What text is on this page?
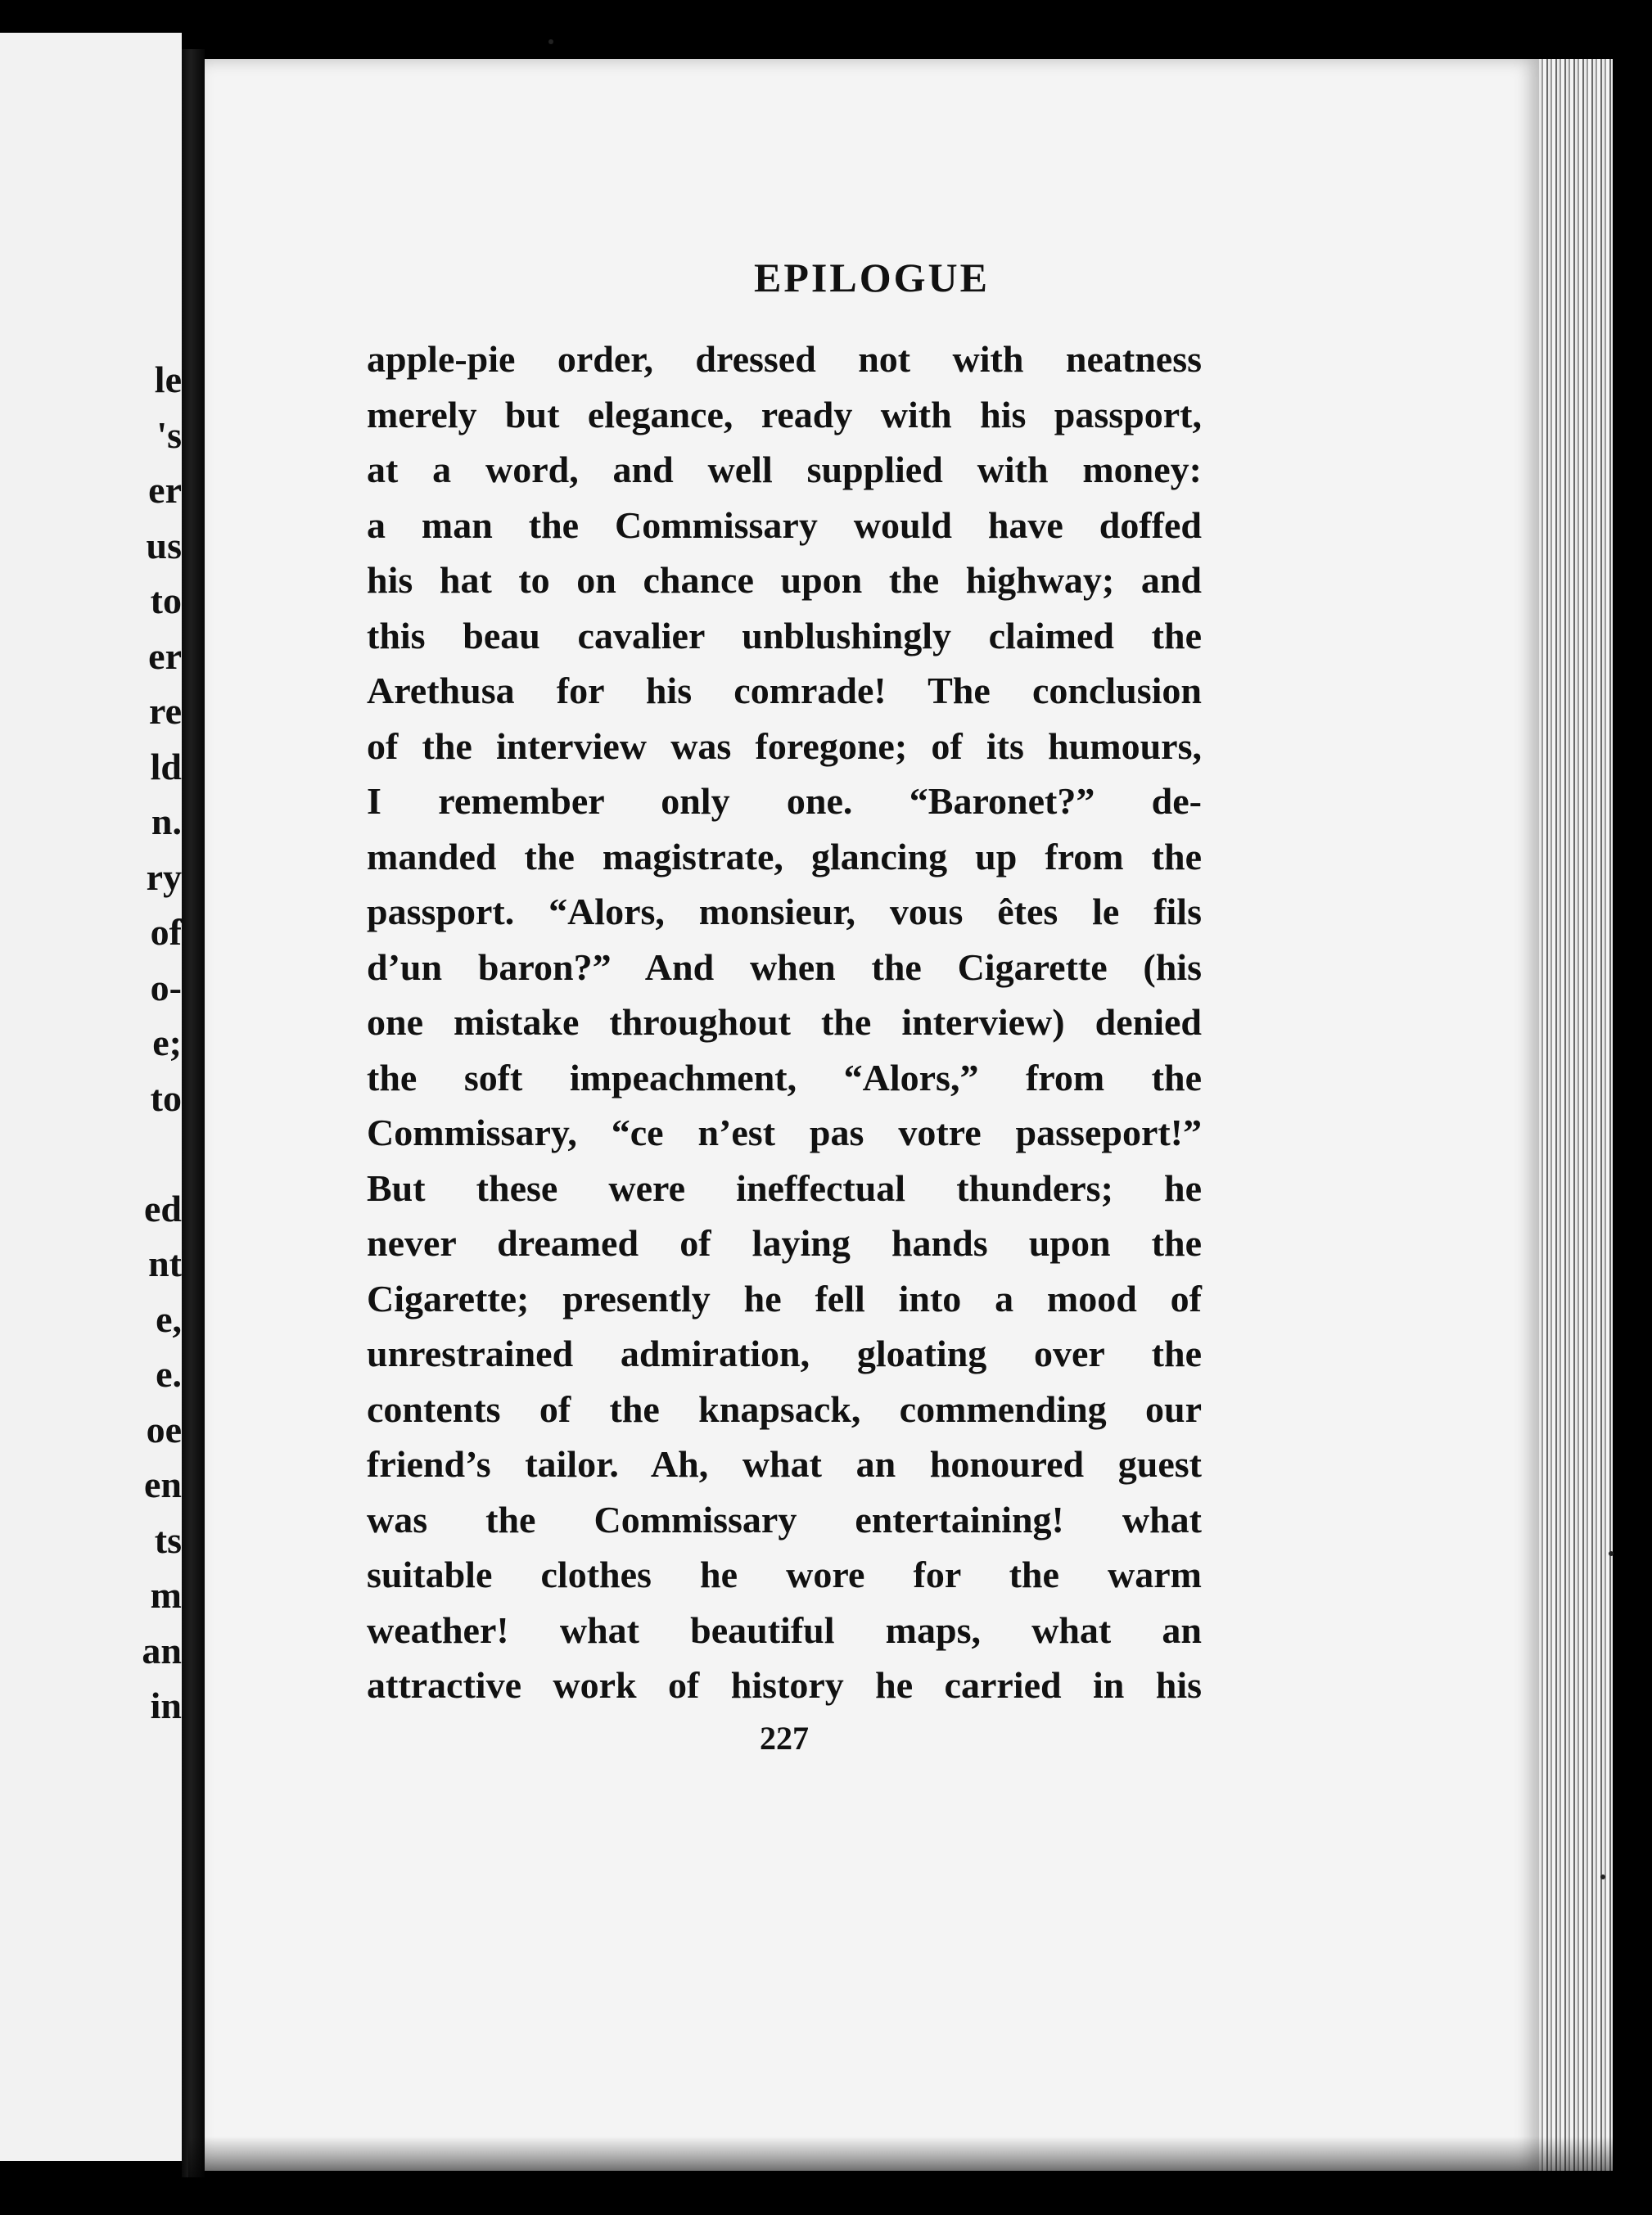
le
's
er
us
to
er
re
ld
n.
ry
of
o-
e;
to
ed
nt
e,
e.
oe
en
ts
m
an
in
EPILOGUE
apple-pie order, dressed not with neatness
merely but elegance, ready with his passport,
at a word, and well supplied with money:
a man the Commissary would have doffed
his hat to on chance upon the highway; and
this beau cavalier unblushingly claimed the
Arethusa for his comrade! The conclusion
of the interview was foregone; of its humours,
I remember only one. “Baronet?” de-
manded the magistrate, glancing up from the
passport. “Alors, monsieur, vous êtes le fils
d’un baron?” And when the Cigarette (his
one mistake throughout the interview) denied
the soft impeachment, “Alors,” from the
Commissary, “ce n’est pas votre passeport!”
But these were ineffectual thunders; he
never dreamed of laying hands upon the
Cigarette; presently he fell into a mood of
unrestrained admiration, gloating over the
contents of the knapsack, commending our
friend’s tailor. Ah, what an honoured guest
was the Commissary entertaining! what
suitable clothes he wore for the warm
weather! what beautiful maps, what an
attractive work of history he carried in his
227
